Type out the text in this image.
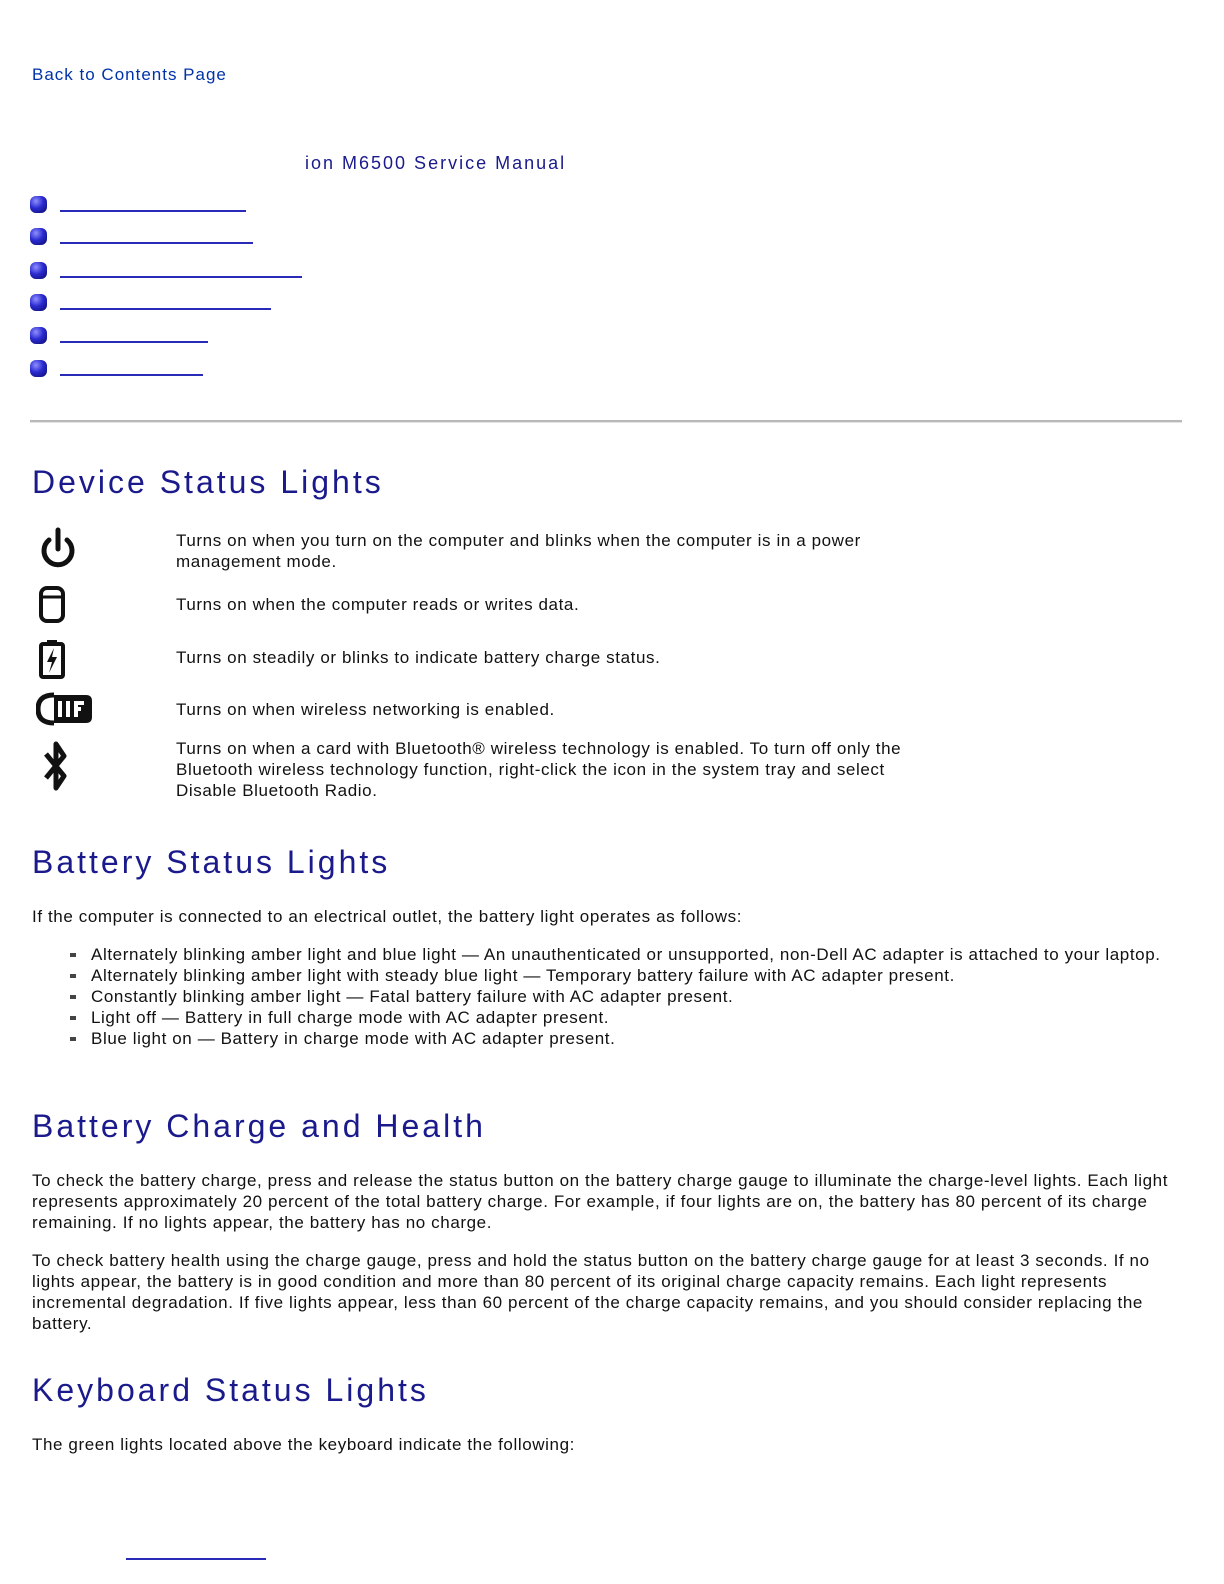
Back to Contents Page
ion M6500 Service Manual
Device Status Lights
Turns on when you turn on the computer and blinks when the computer is in a power management mode.
Turns on when the computer reads or writes data.
Turns on steadily or blinks to indicate battery charge status.
Turns on when wireless networking is enabled.
Turns on when a card with Bluetooth® wireless technology is enabled. To turn off only the Bluetooth wireless technology function, right-click the icon in the system tray and select Disable Bluetooth Radio.
Battery Status Lights

If the computer is connected to an electrical outlet, the battery light operates as follows:

Alternately blinking amber light and blue light — An unauthenticated or unsupported, non-Dell AC adapter is attached to your laptop.
Alternately blinking amber light with steady blue light — Temporary battery failure with AC adapter present.
Constantly blinking amber light — Fatal battery failure with AC adapter present.
Light off — Battery in full charge mode with AC adapter present.
Blue light on — Battery in charge mode with AC adapter present.
Battery Charge and Health

To check the battery charge, press and release the status button on the battery charge gauge to illuminate the charge-level lights. Each light represents approximately 20 percent of the total battery charge. For example, if four lights are on, the battery has 80 percent of its charge remaining. If no lights appear, the battery has no charge.

To check battery health using the charge gauge, press and hold the status button on the battery charge gauge for at least 3 seconds. If no lights appear, the battery is in good condition and more than 80 percent of its original charge capacity remains. Each light represents incremental degradation. If five lights appear, less than 60 percent of the charge capacity remains, and you should consider replacing the battery.

Keyboard Status Lights

The green lights located above the keyboard indicate the following:
